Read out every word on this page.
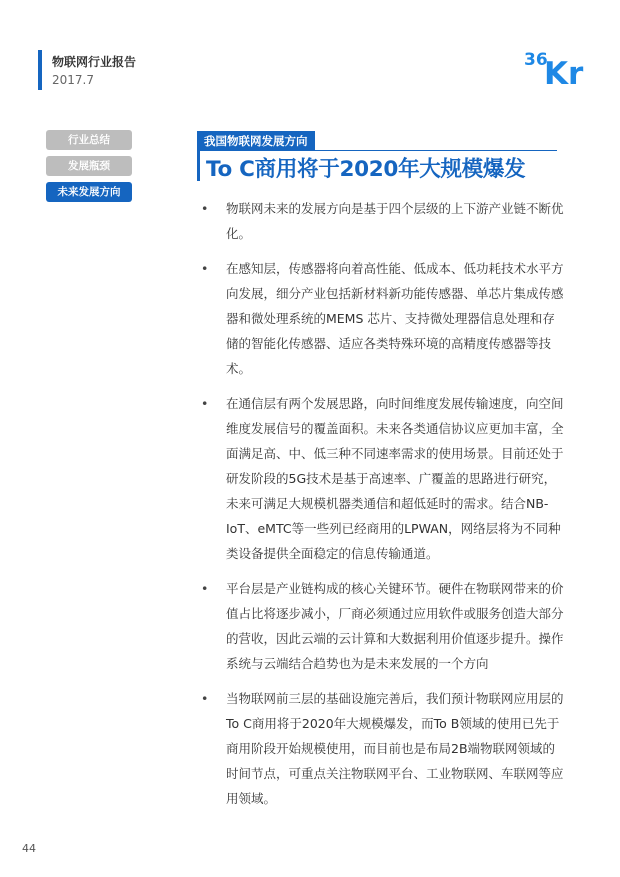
物联网行业报告
2017.7
36
Kr
行业总结
发展瓶颈
未来发展方向
我国物联网发展方向
To C商用将于2020年大规模爆发
• 物联网未来的发展方向是基于四个层级的上下游产业链不断优化。
• 在感知层，传感器将向着高性能、低成本、低功耗技术水平方向发展，细分产业包括新材料新功能传感器、单芯片集成传感器和微处理系统的MEMS 芯片、支持微处理器信息处理和存储的智能化传感器、适应各类特殊环境的高精度传感器等技术。
• 在通信层有两个发展思路，向时间维度发展传输速度，向空间维度发展信号的覆盖面积。未来各类通信协议应更加丰富，全面满足高、中、低三种不同速率需求的使用场景。目前还处于研发阶段的5G技术是基于高速率、广覆盖的思路进行研究，未来可满足大规模机器类通信和超低延时的需求。结合NB-IoT、eMTC等一些列已经商用的LPWAN，网络层将为不同种类设备提供全面稳定的信息传输通道。
• 平台层是产业链构成的核心关键环节。硬件在物联网带来的价值占比将逐步减小，厂商必须通过应用软件或服务创造大部分的营收，因此云端的云计算和大数据利用价值逐步提升。操作系统与云端结合趋势也为是未来发展的一个方向
• 当物联网前三层的基础设施完善后，我们预计物联网应用层的To C商用将于2020年大规模爆发，而To B领域的使用已先于商用阶段开始规模使用，而目前也是布局2B端物联网领域的时间节点，可重点关注物联网平台、工业物联网、车联网等应用领域。
44
